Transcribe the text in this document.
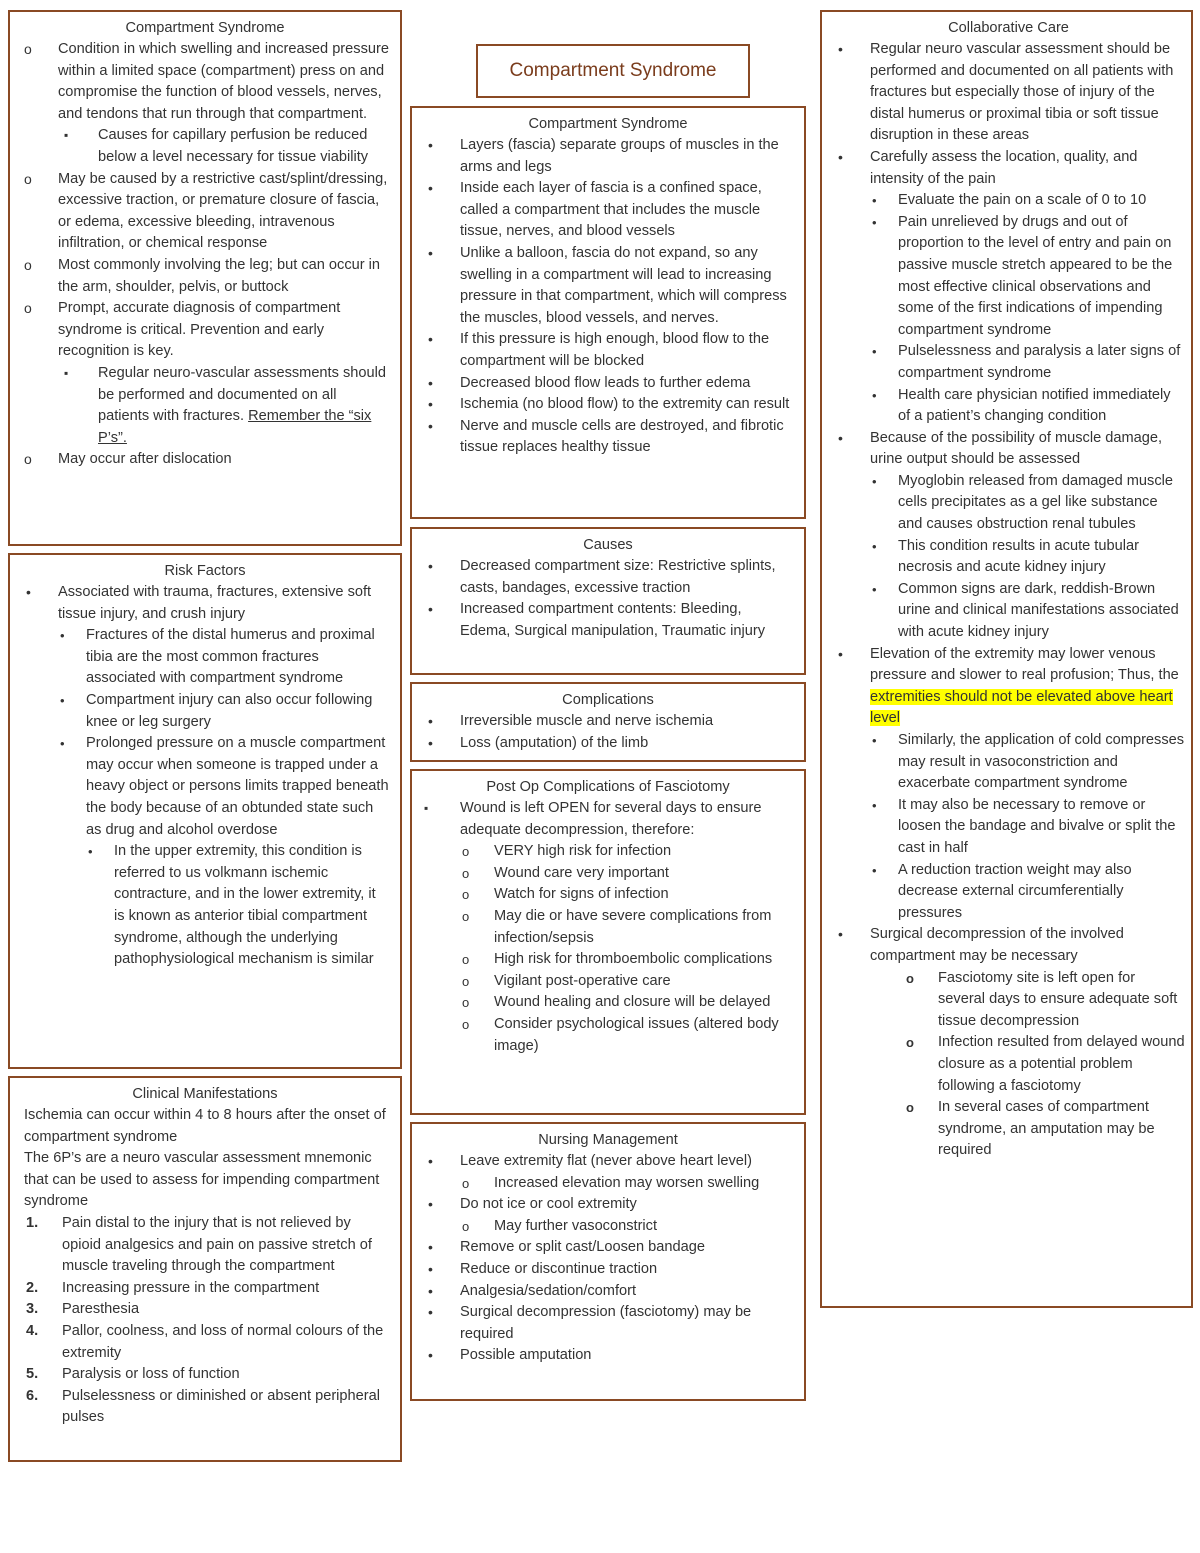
Compartment Syndrome
o Condition in which swelling and increased pressure within a limited space (compartment) press on and compromise the function of blood vessels, nerves, and tendons that run through that compartment.
▪ Causes for capillary perfusion be reduced below a level necessary for tissue viability
o May be caused by a restrictive cast/splint/dressing, excessive traction, or premature closure of fascia, or edema, excessive bleeding, intravenous infiltration, or chemical response
o Most commonly involving the leg; but can occur in the arm, shoulder, pelvis, or buttock
o Prompt, accurate diagnosis of compartment syndrome is critical. Prevention and early recognition is key.
▪ Regular neuro-vascular assessments should be performed and documented on all patients with fractures. Remember the “six P’s”.
o May occur after dislocation
Risk Factors
• Associated with trauma, fractures, extensive soft tissue injury, and crush injury
• Fractures of the distal humerus and proximal tibia are the most common fractures associated with compartment syndrome
• Compartment injury can also occur following knee or leg surgery
• Prolonged pressure on a muscle compartment may occur when someone is trapped under a heavy object or persons limits trapped beneath the body because of an obtunded state such as drug and alcohol overdose
• In the upper extremity, this condition is referred to us volkmann ischemic contracture, and in the lower extremity, it is known as anterior tibial compartment syndrome, although the underlying pathophysiological mechanism is similar
Clinical Manifestations
Ischemia can occur within 4 to 8 hours after the onset of compartment syndrome
The 6P’s are a neuro vascular assessment mnemonic that can be used to assess for impending compartment syndrome
1. Pain distal to the injury that is not relieved by opioid analgesics and pain on passive stretch of muscle traveling through the compartment
2. Increasing pressure in the compartment
3. Paresthesia
4. Pallor, coolness, and loss of normal colours of the extremity
5. Paralysis or loss of function
6. Pulselessness or diminished or absent peripheral pulses
Compartment Syndrome
Compartment Syndrome
• Layers (fascia) separate groups of muscles in the arms and legs
• Inside each layer of fascia is a confined space, called a compartment that includes the muscle tissue, nerves, and blood vessels
• Unlike a balloon, fascia do not expand, so any swelling in a compartment will lead to increasing pressure in that compartment, which will compress the muscles, blood vessels, and nerves.
• If this pressure is high enough, blood flow to the compartment will be blocked
• Decreased blood flow leads to further edema
• Ischemia (no blood flow) to the extremity can result
• Nerve and muscle cells are destroyed, and fibrotic tissue replaces healthy tissue
Causes
• Decreased compartment size: Restrictive splints, casts, bandages, excessive traction
• Increased compartment contents: Bleeding, Edema, Surgical manipulation, Traumatic injury
Complications
• Irreversible muscle and nerve ischemia
• Loss (amputation) of the limb
Post Op Complications of Fasciotomy
▪ Wound is left OPEN for several days to ensure adequate decompression, therefore:
o VERY high risk for infection
o Wound care very important
o Watch for signs of infection
o May die or have severe complications from infection/sepsis
o High risk for thromboembolic complications
o Vigilant post-operative care
o Wound healing and closure will be delayed
o Consider psychological issues (altered body image)
Nursing Management
• Leave extremity flat (never above heart level)
o Increased elevation may worsen swelling
• Do not ice or cool extremity
o May further vasoconstrict
• Remove or split cast/Loosen bandage
• Reduce or discontinue traction
• Analgesia/sedation/comfort
• Surgical decompression (fasciotomy) may be required
• Possible amputation
Collaborative Care
• Regular neuro vascular assessment should be performed and documented on all patients with fractures but especially those of injury of the distal humerus or proximal tibia or soft tissue disruption in these areas
• Carefully assess the location, quality, and intensity of the pain
• Evaluate the pain on a scale of 0 to 10
• Pain unrelieved by drugs and out of proportion to the level of entry and pain on passive muscle stretch appeared to be the most effective clinical observations and some of the first indications of impending compartment syndrome
• Pulselessness and paralysis a later signs of compartment syndrome
• Health care physician notified immediately of a patient’s changing condition
• Because of the possibility of muscle damage, urine output should be assessed
• Myoglobin released from damaged muscle cells precipitates as a gel like substance and causes obstruction renal tubules
• This condition results in acute tubular necrosis and acute kidney injury
• Common signs are dark, reddish-Brown urine and clinical manifestations associated with acute kidney injury
• Elevation of the extremity may lower venous pressure and slower to real profusion; Thus, the extremities should not be elevated above heart level
• Similarly, the application of cold compresses may result in vasoconstriction and exacerbate compartment syndrome
• It may also be necessary to remove or loosen the bandage and bivalve or split the cast in half
• A reduction traction weight may also decrease external circumferentially pressures
• Surgical decompression of the involved compartment may be necessary
o Fasciotomy site is left open for several days to ensure adequate soft tissue decompression
o Infection resulted from delayed wound closure as a potential problem following a fasciotomy
o In several cases of compartment syndrome, an amputation may be required
